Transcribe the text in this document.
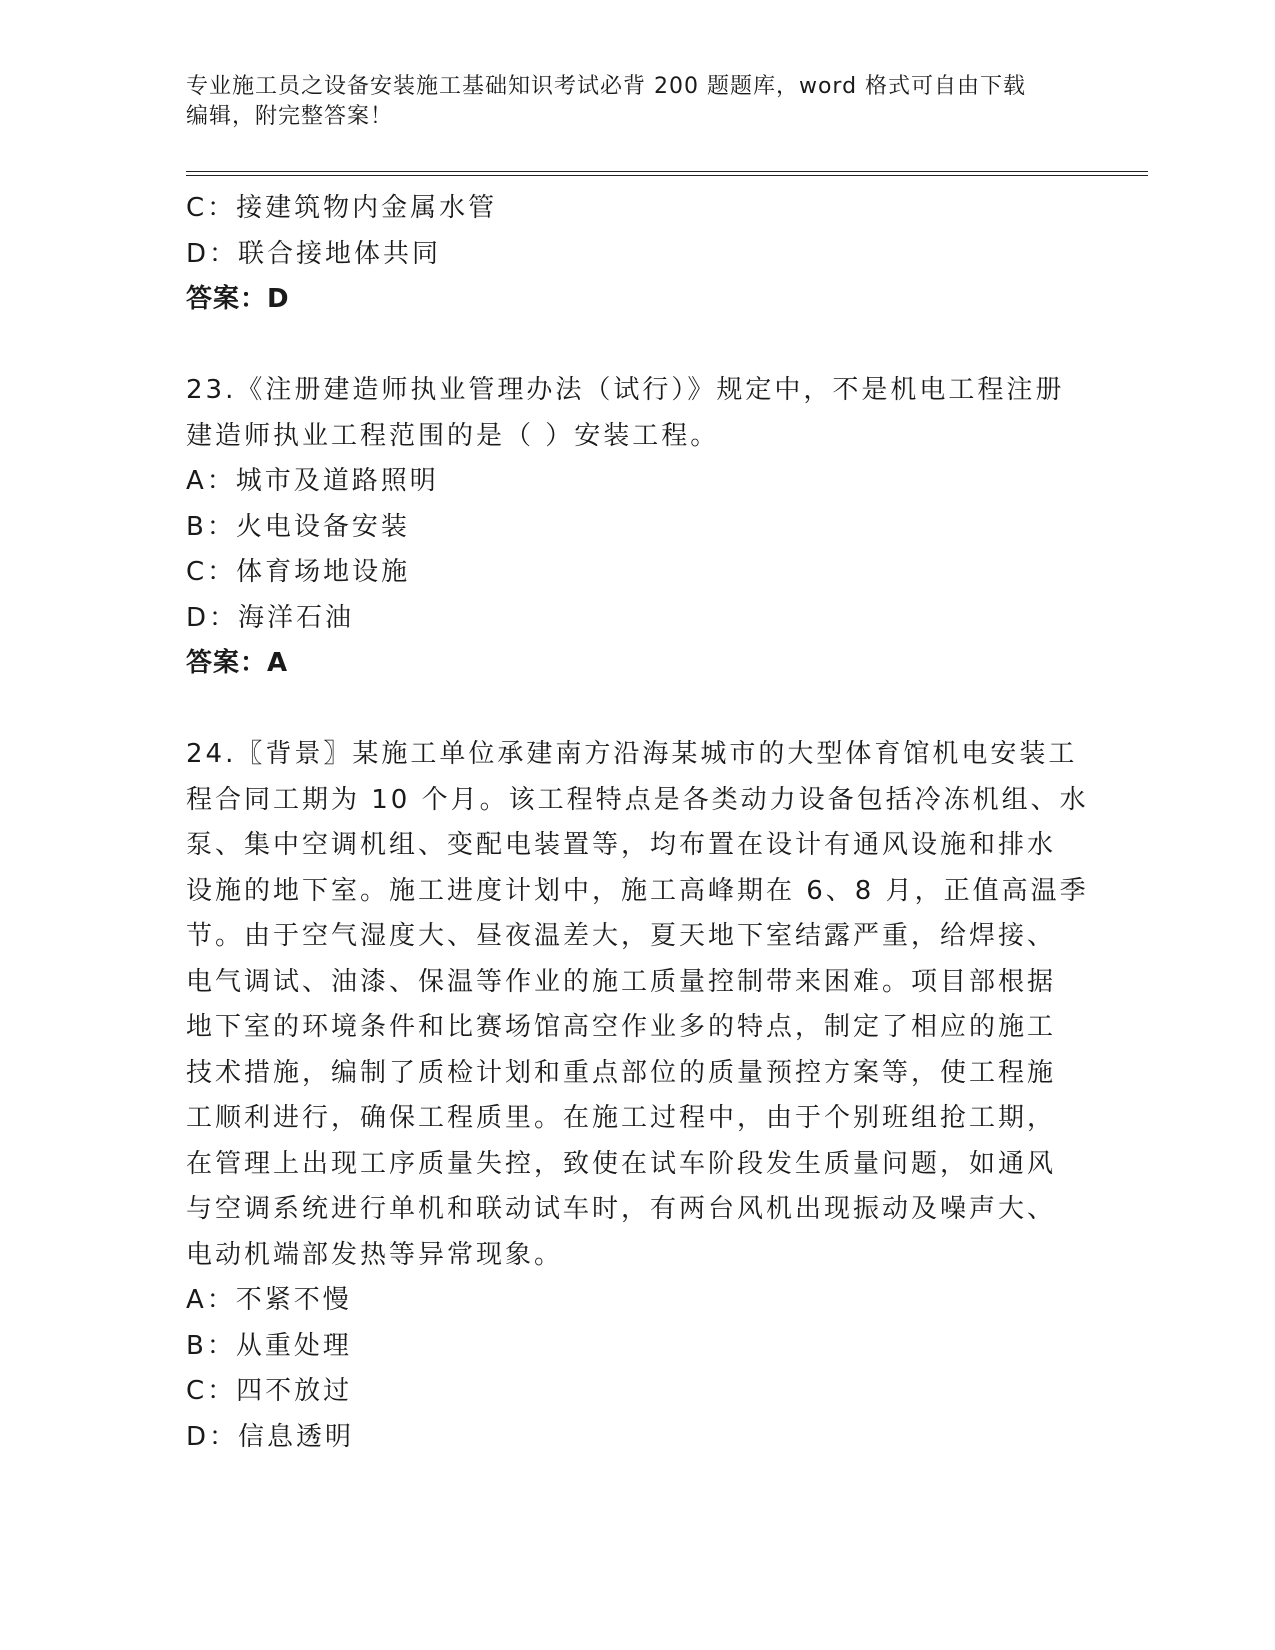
专业施工员之设备安装施工基础知识考试必背 200 题题库，word 格式可自由下载
编辑，附完整答案！
C：接建筑物内金属水管
D：联合接地体共同
答案：D
23.《注册建造师执业管理办法（试行）》规定中，不是机电工程注册
建造师执业工程范围的是（ ）安装工程。
A：城市及道路照明
B：火电设备安装
C：体育场地设施
D：海洋石油
答案：A
24.〖背景〗某施工单位承建南方沿海某城市的大型体育馆机电安装工
程合同工期为 10 个月。该工程特点是各类动力设备包括冷冻机组、水
泵、集中空调机组、变配电装置等，均布置在设计有通风设施和排水
设施的地下室。施工进度计划中，施工高峰期在 6、8 月，正值高温季
节。由于空气湿度大、昼夜温差大，夏天地下室结露严重，给焊接、
电气调试、油漆、保温等作业的施工质量控制带来困难。项目部根据
地下室的环境条件和比赛场馆高空作业多的特点，制定了相应的施工
技术措施，编制了质检计划和重点部位的质量预控方案等，使工程施
工顺利进行，确保工程质里。在施工过程中，由于个别班组抢工期，
在管理上出现工序质量失控，致使在试车阶段发生质量问题，如通风
与空调系统进行单机和联动试车时，有两台风机出现振动及噪声大、
电动机端部发热等异常现象。
A：不紧不慢
B：从重处理
C：四不放过
D：信息透明
